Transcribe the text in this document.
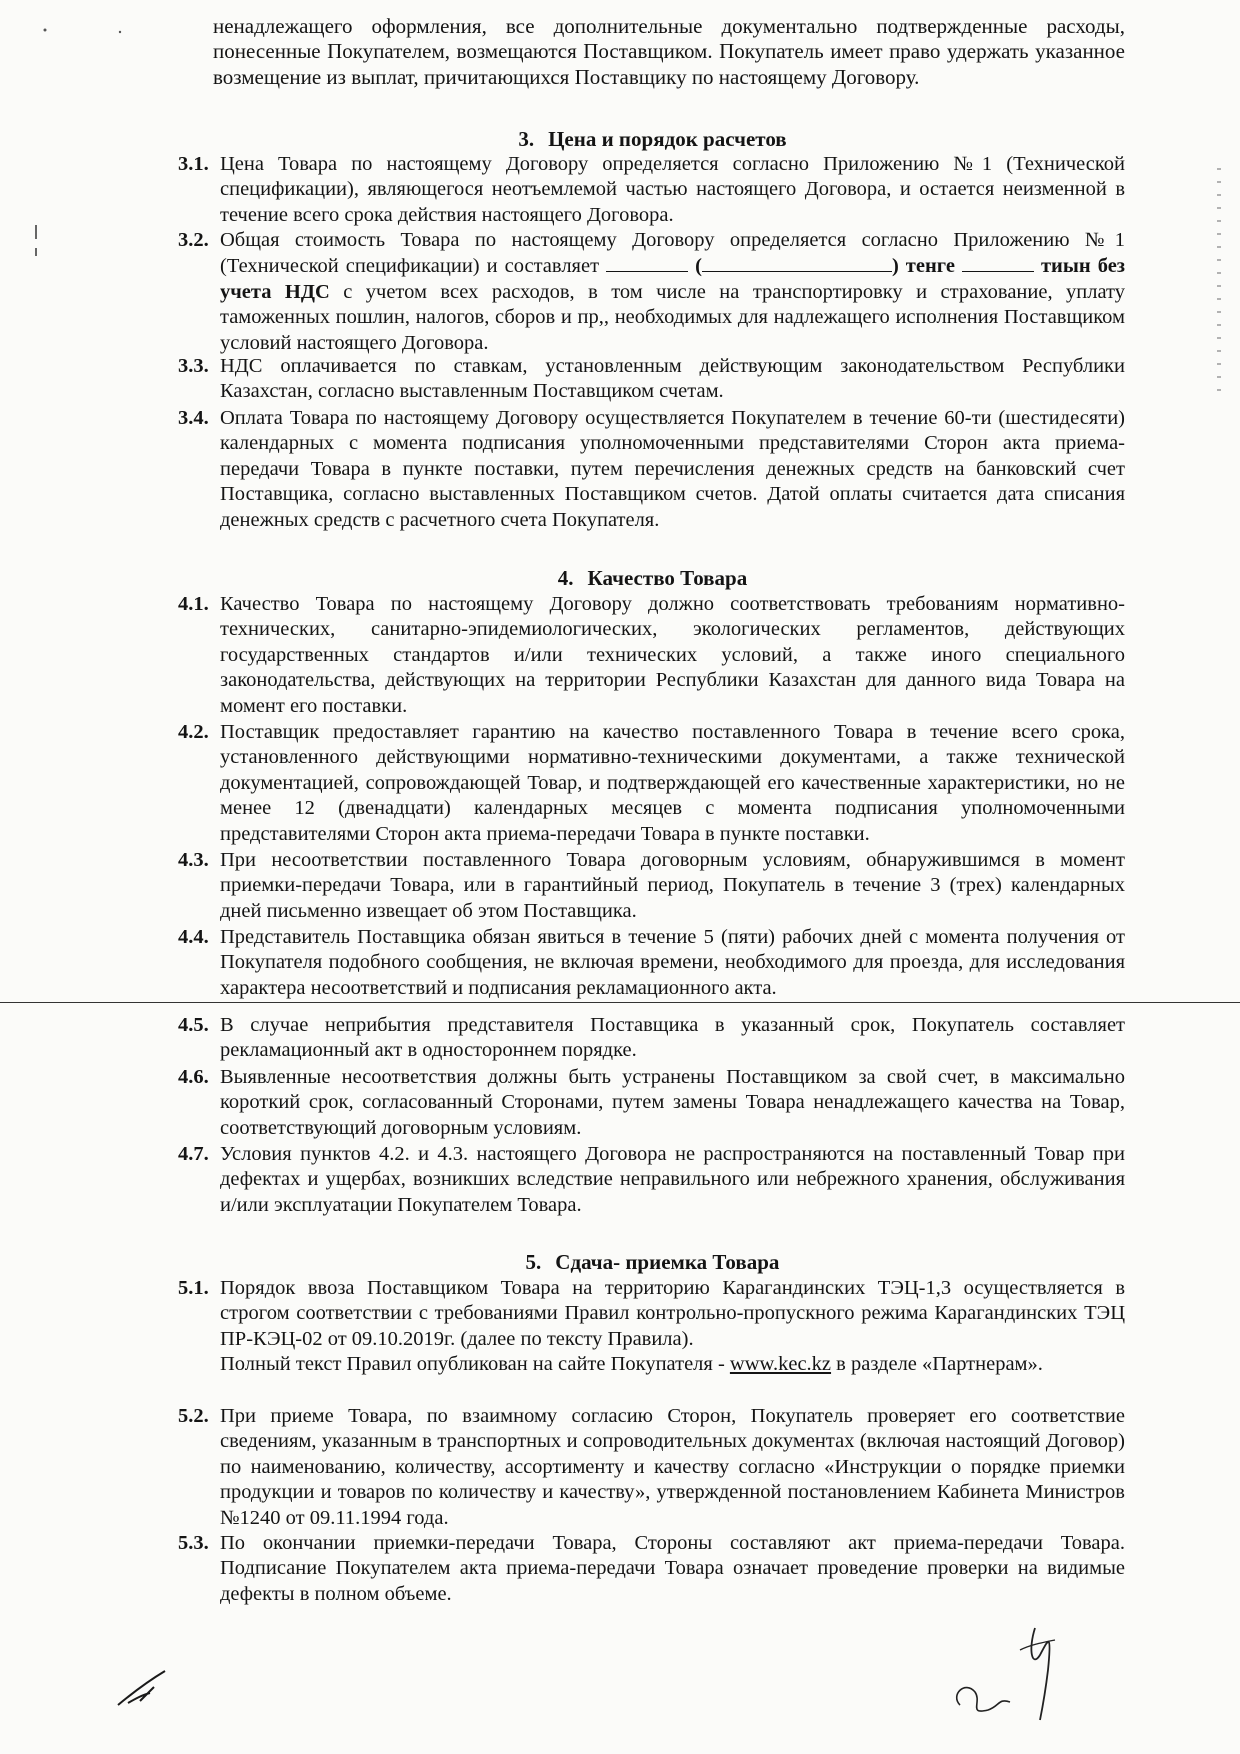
ненадлежащего оформления, все дополнительные документально подтвержденные расходы, понесенные Покупателем, возмещаются Поставщиком. Покупатель имеет право удержать указанное возмещение из выплат, причитающихся Поставщику по настоящему Договору.
3. Цена и порядок расчетов
3.1. Цена Товара по настоящему Договору определяется согласно Приложению №1 (Технической спецификации), являющегося неотъемлемой частью настоящего Договора, и остается неизменной в течение всего срока действия настоящего Договора.
3.2. Общая стоимость Товара по настоящему Договору определяется согласно Приложению №1 (Технической спецификации) и составляет	(	) тенге	тиын без учета НДС с учетом всех расходов, в том числе на транспортировку и страхование, уплату таможенных пошлин, налогов, сборов и пр,, необходимых для надлежащего исполнения Поставщиком условий настоящего Договора.
3.3. НДС оплачивается по ставкам, установленным действующим законодательством Республики Казахстан, согласно выставленным Поставщиком счетам.
3.4. Оплата Товара по настоящему Договору осуществляется Покупателем в течение 60-ти (шестидесяти) календарных с момента подписания уполномоченными представителями Сторон акта приема-передачи Товара в пункте поставки, путем перечисления денежных средств на банковский счет Поставщика, согласно выставленных Поставщиком счетов. Датой оплаты считается дата списания денежных средств с расчетного счета Покупателя.
4. Качество Товара
4.1. Качество Товара по настоящему Договору должно соответствовать требованиям нормативно-технических, санитарно-эпидемиологических, экологических регламентов, действующих государственных стандартов и/или технических условий, а также иного специального законодательства, действующих на территории Республики Казахстан для данного вида Товара на момент его поставки.
4.2. Поставщик предоставляет гарантию на качество поставленного Товара в течение всего срока, установленного действующими нормативно-техническими документами, а также технической документацией, сопровождающей Товар, и подтверждающей его качественные характеристики, но не менее 12 (двенадцати) календарных месяцев с момента подписания уполномоченными представителями Сторон акта приема-передачи Товара в пункте поставки.
4.3. При несоответствии поставленного Товара договорным условиям, обнаружившимся в момент приемки-передачи Товара, или в гарантийный период, Покупатель в течение 3 (трех) календарных дней письменно извещает об этом Поставщика.
4.4. Представитель Поставщика обязан явиться в течение 5 (пяти) рабочих дней с момента получения от Покупателя подобного сообщения, не включая времени, необходимого для проезда, для исследования характера несоответствий и подписания рекламационного акта.
4.5. В случае неприбытия представителя Поставщика в указанный срок, Покупатель составляет рекламационный акт в одностороннем порядке.
4.6. Выявленные несоответствия должны быть устранены Поставщиком за свой счет, в максимально короткий срок, согласованный Сторонами, путем замены Товара ненадлежащего качества на Товар, соответствующий договорным условиям.
4.7. Условия пунктов 4.2. и 4.3. настоящего Договора не распространяются на поставленный Товар при дефектах и ущербах, возникших вследствие неправильного или небрежного хранения, обслуживания и/или эксплуатации Покупателем Товара.
5. Сдача- приемка Товара
5.1. Порядок ввоза Поставщиком Товара на территорию Карагандинских ТЭЦ-1,3 осуществляется в строгом соответствии с требованиями Правил контрольно-пропускного режима Карагандинских ТЭЦ ПР-КЭЦ-02 от 09.10.2019г. (далее по тексту Правила).
Полный текст Правил опубликован на сайте Покупателя - www.kec.kz в разделе «Партнерам».
5.2. При приеме Товара, по взаимному согласию Сторон, Покупатель проверяет его соответствие сведениям, указанным в транспортных и сопроводительных документах (включая настоящий Договор) по наименованию, количеству, ассортименту и качеству согласно «Инструкции о порядке приемки продукции и товаров по количеству и качеству», утвержденной постановлением Кабинета Министров №1240 от 09.11.1994 года.
5.3. По окончании приемки-передачи Товара, Стороны составляют акт приема-передачи Товара. Подписание Покупателем акта приема-передачи Товара означает проведение проверки на видимые дефекты в полном объеме.
